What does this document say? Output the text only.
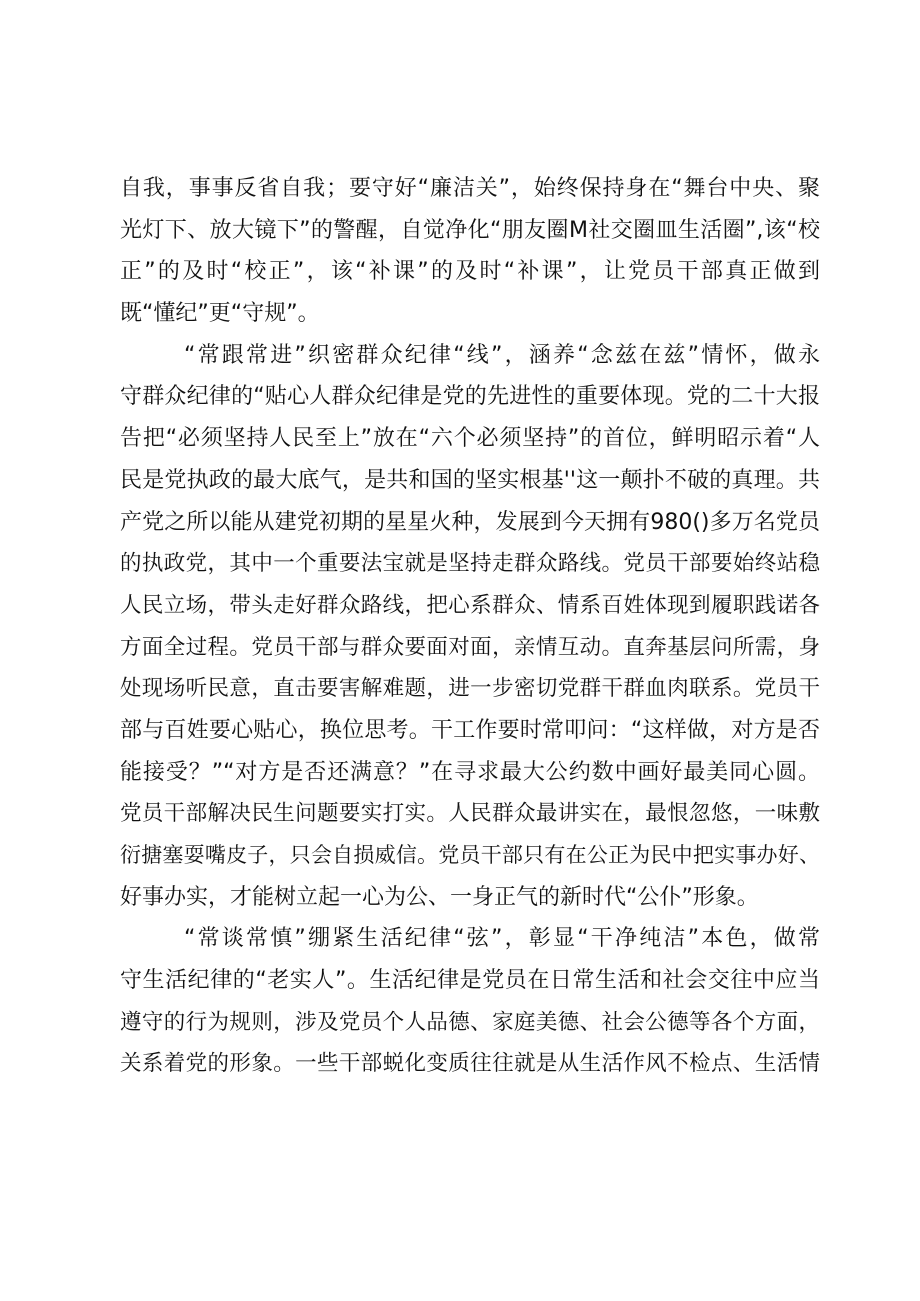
自我，事事反省自我；要守好“廉洁关”，始终保持身在“舞台中央、聚
光灯下、放大镜下”的警醒，自觉净化“朋友圈M社交圈皿生活圈”,该“校
正”的及时“校正”，该“补课”的及时“补课”，让党员干部真正做到
既“懂纪”更“守规”。
“常跟常进”织密群众纪律“线”，涵养“念兹在兹”情怀，做永
守群众纪律的“贴心人群众纪律是党的先进性的重要体现。党的二十大报
告把“必须坚持人民至上”放在“六个必须坚持”的首位，鲜明昭示着“人
民是党执政的最大底气，是共和国的坚实根基''这一颠扑不破的真理。共
产党之所以能从建党初期的星星火种，发展到今天拥有980()多万名党员
的执政党，其中一个重要法宝就是坚持走群众路线。党员干部要始终站稳
人民立场，带头走好群众路线，把心系群众、情系百姓体现到履职践诺各
方面全过程。党员干部与群众要面对面，亲情互动。直奔基层问所需，身
处现场听民意，直击要害解难题，进一步密切党群干群血肉联系。党员干
部与百姓要心贴心，换位思考。干工作要时常叩问：“这样做，对方是否
能接受？”“对方是否还满意？”在寻求最大公约数中画好最美同心圆。
党员干部解决民生问题要实打实。人民群众最讲实在，最恨忽悠，一味敷
衍搪塞耍嘴皮子，只会自损威信。党员干部只有在公正为民中把实事办好、
好事办实，才能树立起一心为公、一身正气的新时代“公仆”形象。
“常谈常慎”绷紧生活纪律“弦”，彰显“干净纯洁”本色，做常
守生活纪律的“老实人”。生活纪律是党员在日常生活和社会交往中应当
遵守的行为规则，涉及党员个人品德、家庭美德、社会公德等各个方面，
关系着党的形象。一些干部蜕化变质往往就是从生活作风不检点、生活情
